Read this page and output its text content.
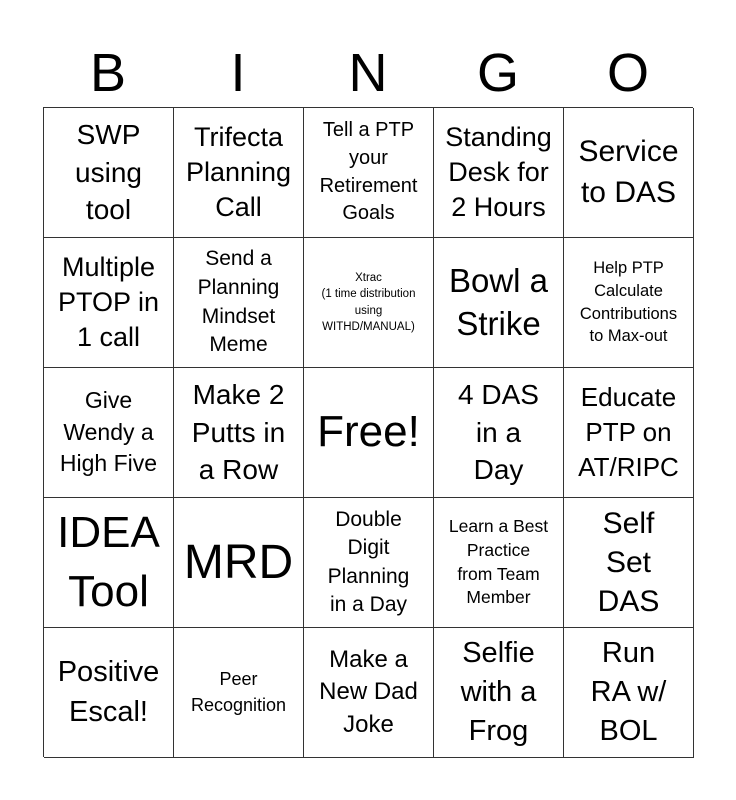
B	I	N	G	O
SWP
using
tool
Trifecta
Planning
Call
Tell a PTP
your
Retirement
Goals
Standing
Desk for
2 Hours
Service
to DAS
Multiple
PTOP in
1 call
Send a
Planning
Mindset
Meme
Xtrac
(1 time distribution
using
WITHD/MANUAL)
Bowl a
Strike
Help PTP
Calculate
Contributions
to Max-out
Give
Wendy a
High Five
Make 2
Putts in
a Row
Free!
4 DAS
in a
Day
Educate
PTP on
AT/RIPC
IDEA
Tool
MRD
Double
Digit
Planning
in a Day
Learn a Best
Practice
from Team
Member
Self
Set
DAS
Positive
Escal!
Peer
Recognition
Make a
New Dad
Joke
Selfie
with a
Frog
Run
RA w/
BOL
